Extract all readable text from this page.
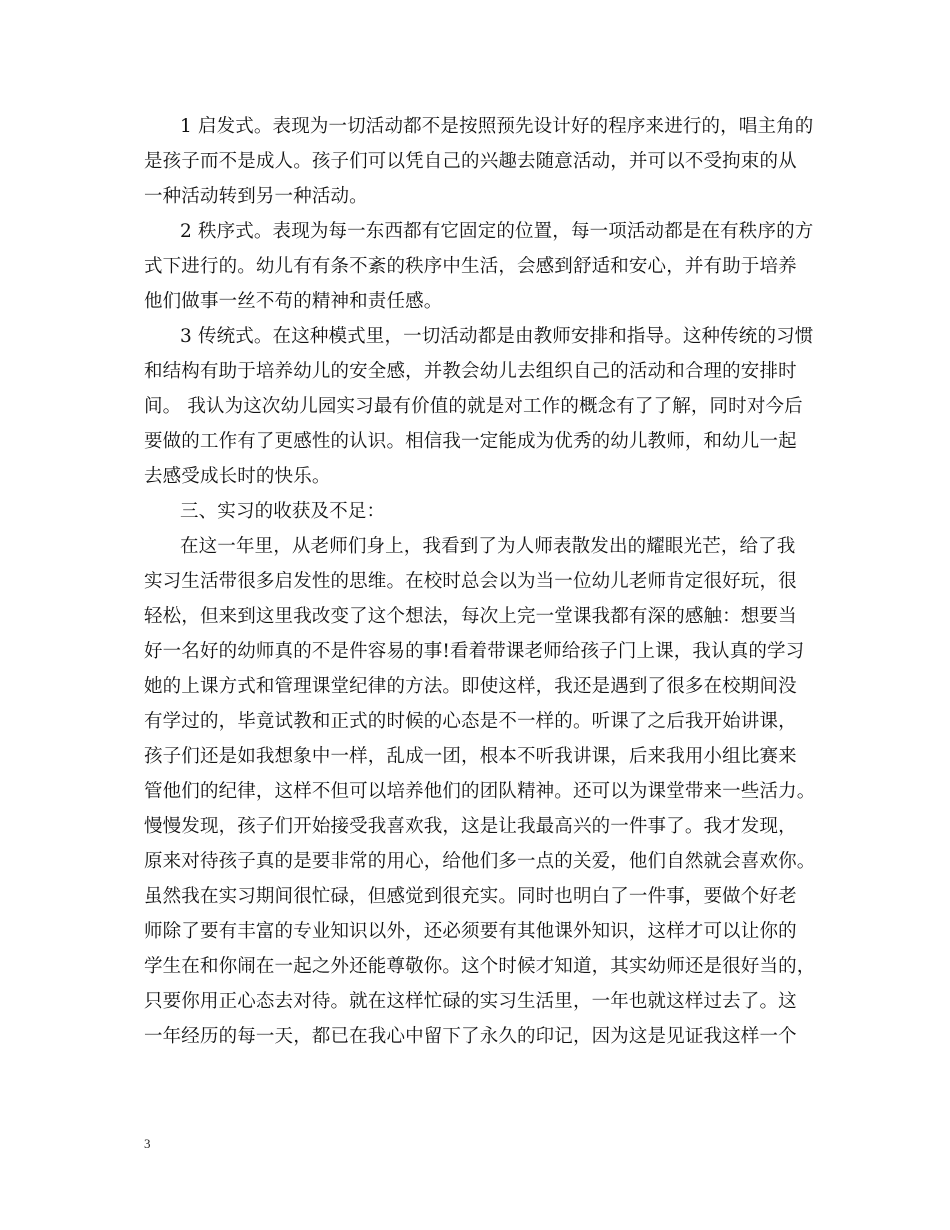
1 启发式。表现为一切活动都不是按照预先设计好的程序来进行的，唱主角的
是孩子而不是成人。孩子们可以凭自己的兴趣去随意活动，并可以不受拘束的从
一种活动转到另一种活动。
2 秩序式。表现为每一东西都有它固定的位置，每一项活动都是在有秩序的方
式下进行的。幼儿有有条不紊的秩序中生活，会感到舒适和安心，并有助于培养
他们做事一丝不苟的精神和责任感。
3 传统式。在这种模式里，一切活动都是由教师安排和指导。这种传统的习惯
和结构有助于培养幼儿的安全感，并教会幼儿去组织自己的活动和合理的安排时
间。 我认为这次幼儿园实习最有价值的就是对工作的概念有了了解，同时对今后
要做的工作有了更感性的认识。相信我一定能成为优秀的幼儿教师，和幼儿一起
去感受成长时的快乐。
三、实习的收获及不足：
在这一年里，从老师们身上，我看到了为人师表散发出的耀眼光芒，给了我
实习生活带很多启发性的思维。在校时总会以为当一位幼儿老师肯定很好玩，很
轻松，但来到这里我改变了这个想法，每次上完一堂课我都有深的感触：想要当
好一名好的幼师真的不是件容易的事!看着带课老师给孩子门上课，我认真的学习
她的上课方式和管理课堂纪律的方法。即使这样，我还是遇到了很多在校期间没
有学过的，毕竟试教和正式的时候的心态是不一样的。听课了之后我开始讲课，
孩子们还是如我想象中一样，乱成一团，根本不听我讲课，后来我用小组比赛来
管他们的纪律，这样不但可以培养他们的团队精神。还可以为课堂带来一些活力。
慢慢发现，孩子们开始接受我喜欢我，这是让我最高兴的一件事了。我才发现，
原来对待孩子真的是要非常的用心，给他们多一点的关爱，他们自然就会喜欢你。
虽然我在实习期间很忙碌，但感觉到很充实。同时也明白了一件事，要做个好老
师除了要有丰富的专业知识以外，还必须要有其他课外知识，这样才可以让你的
学生在和你闹在一起之外还能尊敬你。这个时候才知道，其实幼师还是很好当的，
只要你用正心态去对待。就在这样忙碌的实习生活里，一年也就这样过去了。这
一年经历的每一天，都已在我心中留下了永久的印记，因为这是见证我这样一个
3
